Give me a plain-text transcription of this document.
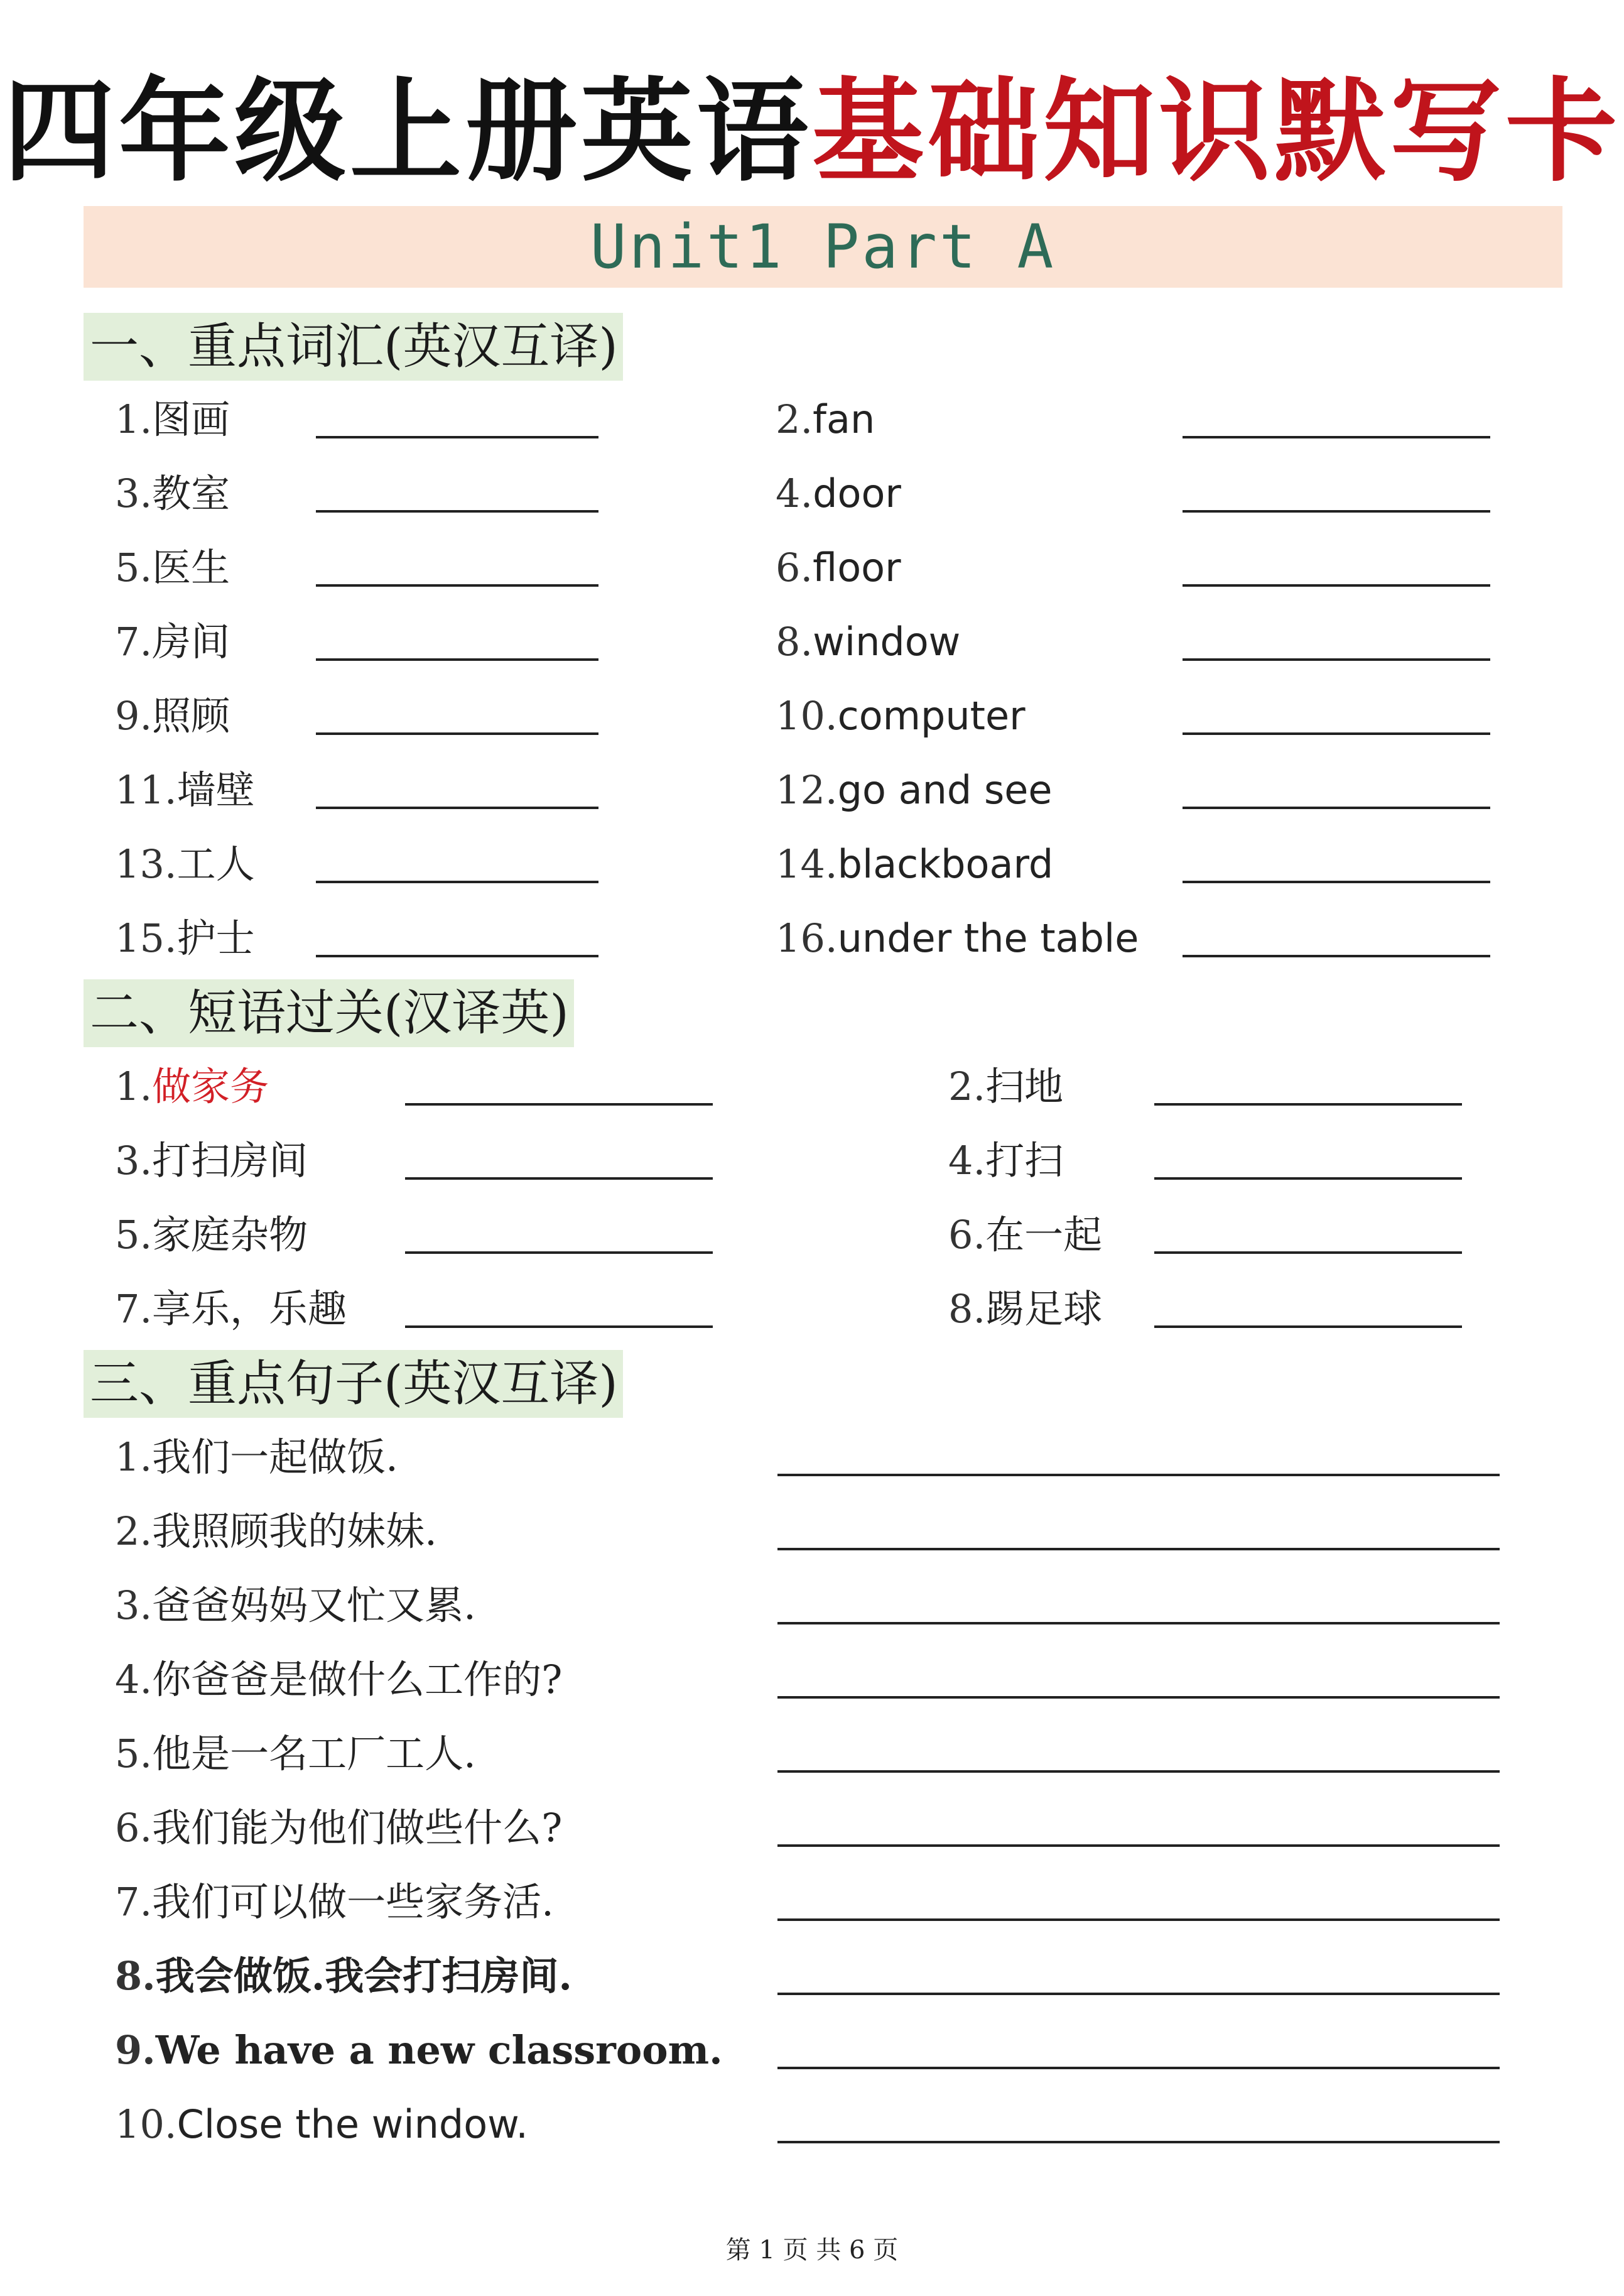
四年级上册英语基础知识默写卡
Unit1 Part A
一、重点词汇(英汉互译)
1.图画
3.教室
5.医生
7.房间
9.照顾
11.墙壁
13.工人
15.护士
2.fan
4.door
6.floor
8.window
10.computer
12.go and see
14.blackboard
16.under the table
二、短语过关(汉译英)
1.做家务
3.打扫房间
5.家庭杂物
7.享乐，乐趣
2.扫地
4.打扫
6.在一起
8.踢足球
三、重点句子(英汉互译)
1.我们一起做饭.
2.我照顾我的妹妹.
3.爸爸妈妈又忙又累.
4.你爸爸是做什么工作的?
5.他是一名工厂工人.
6.我们能为他们做些什么?
7.我们可以做一些家务活.
8.我会做饭.我会打扫房间.
9.We have a new classroom.
10.Close the window.
第 1 页 共 6 页
